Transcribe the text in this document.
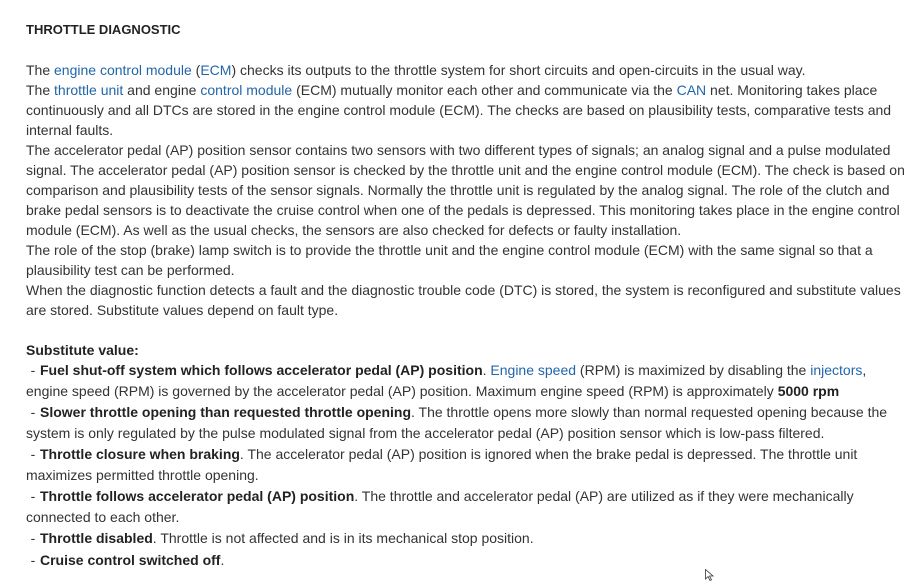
THROTTLE DIAGNOSTIC

The engine control module (ECM) checks its outputs to the throttle system for short circuits and open-circuits in the usual way.

The throttle unit and engine control module (ECM) mutually monitor each other and communicate via the CAN net. Monitoring takes place continuously and all DTCs are stored in the engine control module (ECM). The checks are based on plausibility tests, comparative tests and internal faults.

The accelerator pedal (AP) position sensor contains two sensors with two different types of signals; an analog signal and a pulse modulated signal. The accelerator pedal (AP) position sensor is checked by the throttle unit and the engine control module (ECM). The check is based on comparison and plausibility tests of the sensor signals. Normally the throttle unit is regulated by the analog signal. The role of the clutch and brake pedal sensors is to deactivate the cruise control when one of the pedals is depressed. This monitoring takes place in the engine control module (ECM). As well as the usual checks, the sensors are also checked for defects or faulty installation.

The role of the stop (brake) lamp switch is to provide the throttle unit and the engine control module (ECM) with the same signal so that a plausibility test can be performed.

When the diagnostic function detects a fault and the diagnostic trouble code (DTC) is stored, the system is reconfigured and substitute values are stored. Substitute values depend on fault type.

Substitute value:
- Fuel shut-off system which follows accelerator pedal (AP) position. Engine speed (RPM) is maximized by disabling the injectors, engine speed (RPM) is governed by the accelerator pedal (AP) position. Maximum engine speed (RPM) is approximately 5000 rpm
- Slower throttle opening than requested throttle opening. The throttle opens more slowly than normal requested opening because the system is only regulated by the pulse modulated signal from the accelerator pedal (AP) position sensor which is low-pass filtered.
- Throttle closure when braking. The accelerator pedal (AP) position is ignored when the brake pedal is depressed. The throttle unit maximizes permitted throttle opening.
- Throttle follows accelerator pedal (AP) position. The throttle and accelerator pedal (AP) are utilized as if they were mechanically connected to each other.
- Throttle disabled. Throttle is not affected and is in its mechanical stop position.
- Cruise control switched off.
